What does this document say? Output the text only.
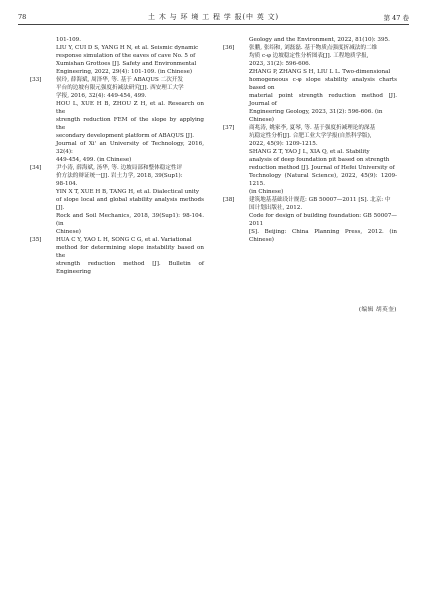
78	土 木 与 环 境 工 程 学 报(中 英 文)	第 47 卷
101-109.
LIU Y, CUI D S, YANG H N, et al. Seismic dynamic
response simulation of the eaves of cave No. 5 of
Xumishan Grottoes [J]. Safety and Environmental
Engineering, 2022, 29(4): 101-109. (in Chinese)
[33]	侯玲, 薛海斌, 周泽华, 等. 基于 ABAQUS 二次开发
平台的边坡有限元强度折减法研究[J]. 西安理工大学
学报, 2016, 32(4): 449-454, 499.
HOU L, XUE H B, ZHOU Z H, et al. Research on the
strength reduction FEM of the slope by applying the
secondary development platform of ABAQUS [J].
Journal of Xi' an University of Technology, 2016, 32(4):
449-454, 499. (in Chinese)
[34]	尹小涛, 薛海斌, 汤华, 等. 边坡局部和整体稳定性评
价方法的辩证统一[J]. 岩土力学, 2018, 39(Sup1):
98-104.
YIN X T, XUE H B, TANG H, et al. Dialectical unity
of slope local and global stability analysis methods [J].
Rock and Soil Mechanics, 2018, 39(Sup1): 98-104. (in
Chinese)
[35]	HUA C Y, YAO L H, SONG C G, et al. Variational
method for determining slope instability based on the
strength reduction method [J]. Bulletin of Engineering
Geology and the Environment, 2022, 81(10): 395.
[36]	张鹏, 张绍和, 刘磊磊. 基于物质点强度折减法的二维
均质 c-φ 边坡稳定性分析图表[J]. 工程地质学报,
2023, 31(2): 596-606.
ZHANG P, ZHANG S H, LIU L L. Two-dimensional
homogeneous c-φ slope stability analysis charts based on
material point strength reduction method [J]. Journal of
Engineering Geology, 2023, 31(2): 596-606. (in
Chinese)
[37]	商兆涛, 姚家李, 夏琴, 等. 基于强度折减理论的深基
坑稳定性分析[J]. 合肥工业大学学报(自然科学版),
2022, 45(9): 1209-1215.
SHANG Z T, YAO J L, XIA Q, et al. Stability
analysis of deep foundation pit based on strength
reduction method [J]. Journal of Hefei University of
Technology (Natural Science), 2022, 45(9): 1209-1215.
(in Chinese)
[38]	建筑地基基础设计规范: GB 50007—2011 [S]. 北京: 中
国计划出版社, 2012.
Code for design of building foundation: GB 50007—2011
[S]. Beijing: China Planning Press, 2012. (in Chinese)
(编辑 胡英奎)
